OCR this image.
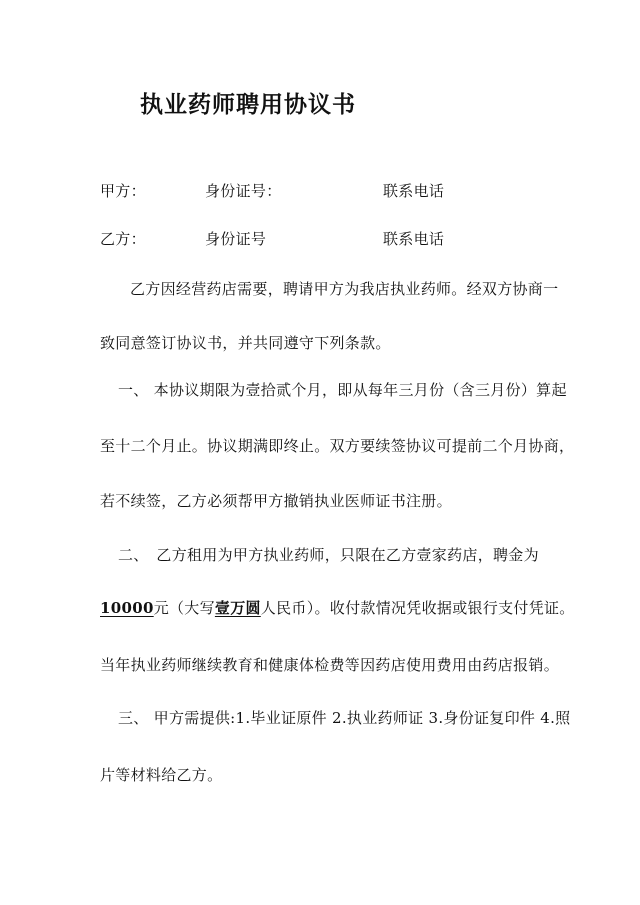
执业药师聘用协议书
甲方：	身份证号：	联系电话
乙方：	身份证号	联系电话
乙方因经营药店需要，聘请甲方为我店执业药师。经双方协商一
致同意签订协议书，并共同遵守下列条款。
一、 本协议期限为壹拾贰个月，即从每年三月份（含三月份）算起
至十二个月止。协议期满即终止。双方要续签协议可提前二个月协商，
若不续签，乙方必须帮甲方撤销执业医师证书注册。
二、　乙方租用为甲方执业药师，只限在乙方壹家药店，聘金为
10000元（大写壹万圆人民币）。收付款情况凭收据或银行支付凭证。
当年执业药师继续教育和健康体检费等因药店使用费用由药店报销。
三、 甲方需提供:1.毕业证原件 2.执业药师证 3.身份证复印件 4.照
片等材料给乙方。
